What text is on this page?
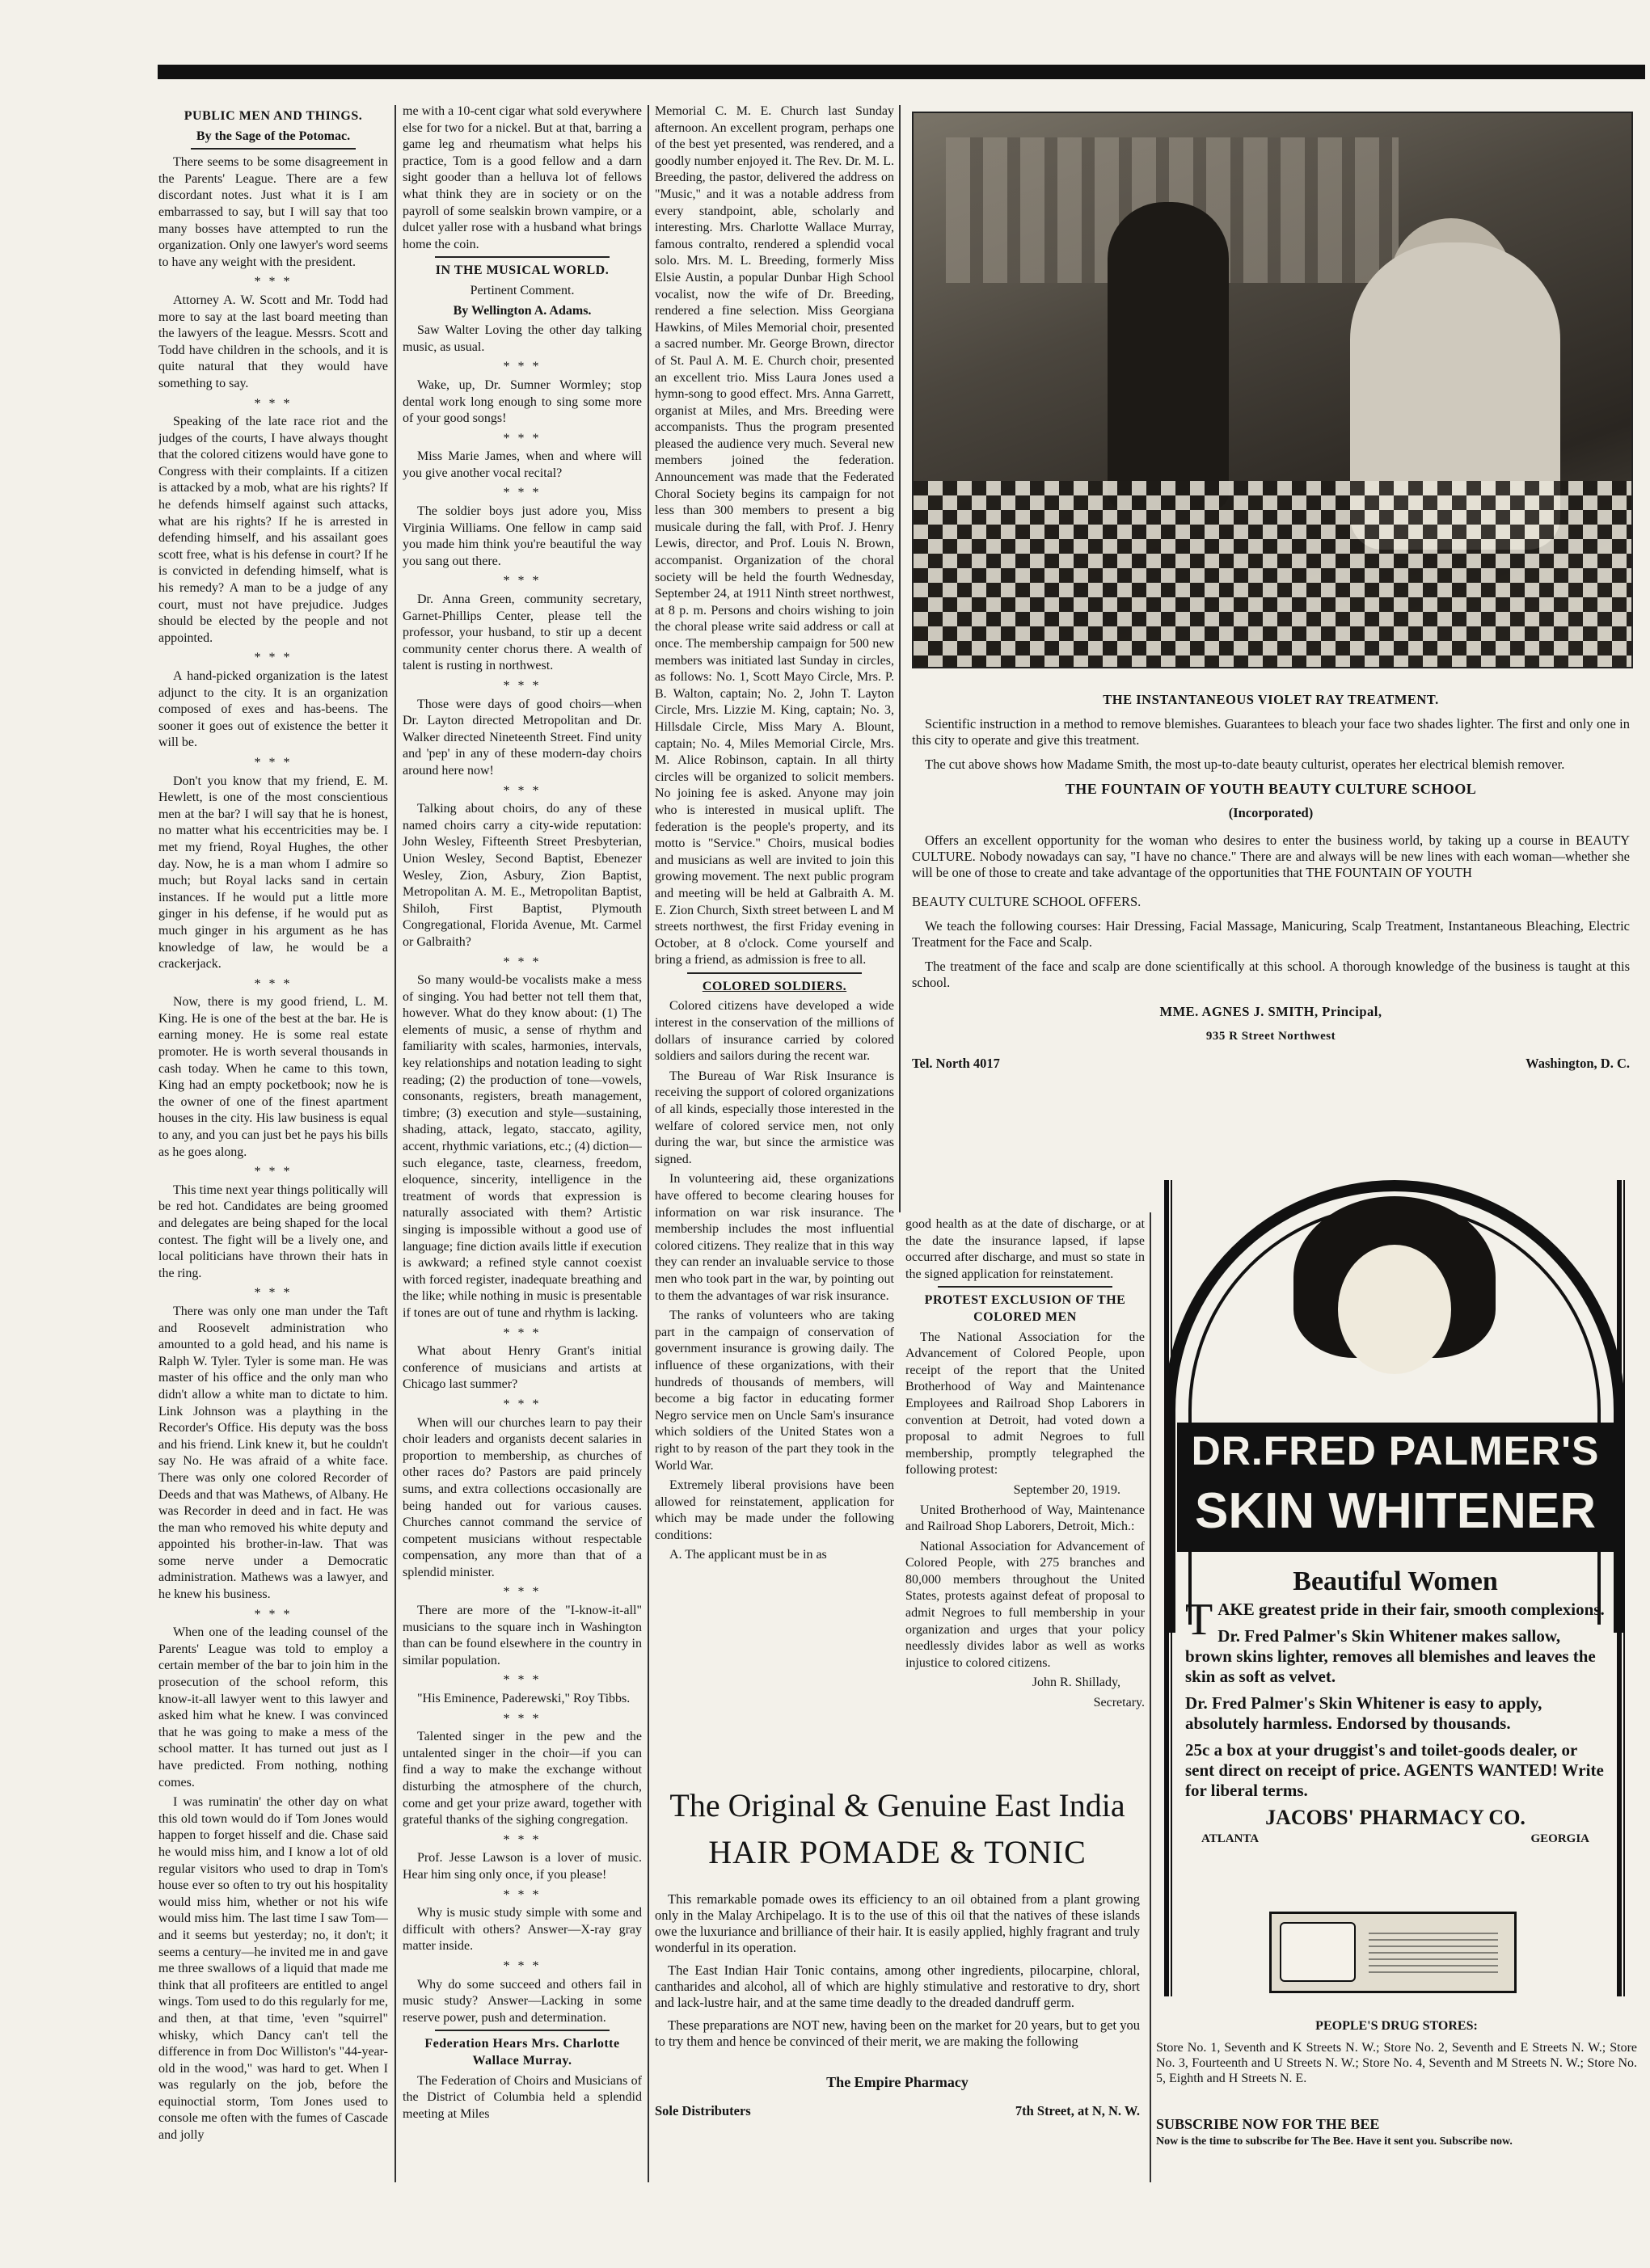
PUBLIC MEN AND THINGS.

By the Sage of the Potomac.

There seems to be some disagreement in the Parents' League. There are a few discordant notes. Just what it is I am embarrassed to say, but I will say that too many bosses have attempted to run the organization. Only one lawyer's word seems to have any weight with the president.

* * *

Attorney A. W. Scott and Mr. Todd had more to say at the last board meeting than the lawyers of the league. Messrs. Scott and Todd have children in the schools, and it is quite natural that they would have something to say.

* * *

Speaking of the late race riot and the judges of the courts, I have always thought that the colored citizens would have gone to Congress with their complaints. If a citizen is attacked by a mob, what are his rights? If he defends himself against such attacks, what are his rights? If he is arrested in defending himself, and his assailant goes scott free, what is his defense in court? If he is convicted in defending himself, what is his remedy? A man to be a judge of any court, must not have prejudice. Judges should be elected by the people and not appointed.

* * *

A hand-picked organization is the latest adjunct to the city. It is an organization composed of exes and has-beens. The sooner it goes out of existence the better it will be.

* * *

Don't you know that my friend, E. M. Hewlett, is one of the most conscientious men at the bar? I will say that he is honest, no matter what his eccentricities may be. I met my friend, Royal Hughes, the other day. Now, he is a man whom I admire so much; but Royal lacks sand in certain instances. If he would put a little more ginger in his defense, if he would put as much ginger in his argument as he has knowledge of law, he would be a crackerjack.

* * *

Now, there is my good friend, L. M. King. He is one of the best at the bar. He is earning money. He is some real estate promoter. He is worth several thousands in cash today. When he came to this town, King had an empty pocketbook; now he is the owner of one of the finest apartment houses in the city. His law business is equal to any, and you can just bet he pays his bills as he goes along.

* * *

This time next year things politically will be red hot. Candidates are being groomed and delegates are being shaped for the local contest. The fight will be a lively one, and local politicians have thrown their hats in the ring.

* * *

There was only one man under the Taft and Roosevelt administration who amounted to a gold head, and his name is Ralph W. Tyler. Tyler is some man. He was master of his office and the only man who didn't allow a white man to dictate to him. Link Johnson was a plaything in the Recorder's Office. His deputy was the boss and his friend. Link knew it, but he couldn't say No. He was afraid of a white face. There was only one colored Recorder of Deeds and that was Mathews, of Albany. He was Recorder in deed and in fact. He was the man who removed his white deputy and appointed his brother-in-law. That was some nerve under a Democratic administration. Mathews was a lawyer, and he knew his business.

* * *

When one of the leading counsel of the Parents' League was told to employ a certain member of the bar to join him in the prosecution of the school reform, this know-it-all lawyer went to this lawyer and asked him what he knew. I was convinced that he was going to make a mess of the school matter. It has turned out just as I have predicted. From nothing, nothing comes.

I was ruminatin' the other day on what this old town would do if Tom Jones would happen to forget hisself and die. Chase said he would miss him, and I know a lot of old regular visitors who used to drap in Tom's house ever so often to try out his hospitality would miss him, whether or not his wife would miss him. The last time I saw Tom—and it seems but yesterday; no, it don't; it seems a century—he invited me in and gave me three swallows of a liquid that made me think that all profiteers are entitled to angel wings. Tom used to do this regularly for me, and then, at that time, 'even "squirrel" whisky, which Dancy can't tell the difference in from Doc Williston's "44-year-old in the wood," was hard to get. When I was regularly on the job, before the equinoctial storm, Tom Jones used to console me often with the fumes of Cascade and jolly

me with a 10-cent cigar what sold everywhere else for two for a nickel. But at that, barring a game leg and rheumatism what helps his practice, Tom is a good fellow and a darn sight gooder than a helluva lot of fellows what think they are in society or on the payroll of some sealskin brown vampire, or a dulcet yaller rose with a husband what brings home the coin.

IN THE MUSICAL WORLD.

Pertinent Comment.

By Wellington A. Adams.

Saw Walter Loving the other day talking music, as usual.

* * *

Wake, up, Dr. Sumner Wormley; stop dental work long enough to sing some more of your good songs!

* * *

Miss Marie James, when and where will you give another vocal recital?

* * *

The soldier boys just adore you, Miss Virginia Williams. One fellow in camp said you made him think you're beautiful the way you sang out there.

* * *

Dr. Anna Green, community secretary, Garnet-Phillips Center, please tell the professor, your husband, to stir up a decent community center chorus there. A wealth of talent is rusting in northwest.

* * *

Those were days of good choirs—when Dr. Layton directed Metropolitan and Dr. Walker directed Nineteenth Street. Find unity and 'pep' in any of these modern-day choirs around here now!

* * *

Talking about choirs, do any of these named choirs carry a city-wide reputation: John Wesley, Fifteenth Street Presbyterian, Union Wesley, Second Baptist, Ebenezer Wesley, Zion, Asbury, Zion Baptist, Metropolitan A. M. E., Metropolitan Baptist, Shiloh, First Baptist, Plymouth Congregational, Florida Avenue, Mt. Carmel or Galbraith?

* * *

So many would-be vocalists make a mess of singing. You had better not tell them that, however. What do they know about: (1) The elements of music, a sense of rhythm and familiarity with scales, harmonies, intervals, key relationships and notation leading to sight reading; (2) the production of tone—vowels, consonants, registers, breath management, timbre; (3) execution and style—sustaining, shading, attack, legato, staccato, agility, accent, rhythmic variations, etc.; (4) diction—such elegance, taste, clearness, freedom, eloquence, sincerity, intelligence in the treatment of words that expression is naturally associated with them? Artistic singing is impossible without a good use of language; fine diction avails little if execution is awkward; a refined style cannot coexist with forced register, inadequate breathing and the like; while nothing in music is presentable if tones are out of tune and rhythm is lacking.

* * *

What about Henry Grant's initial conference of musicians and artists at Chicago last summer?

* * *

When will our churches learn to pay their choir leaders and organists decent salaries in proportion to membership, as churches of other races do? Pastors are paid princely sums, and extra collections occasionally are being handed out for various causes. Churches cannot command the service of competent musicians without respectable compensation, any more than that of a splendid minister.

* * *

There are more of the "I-know-it-all" musicians to the square inch in Washington than can be found elsewhere in the country in similar population.

* * *

"His Eminence, Paderewski," Roy Tibbs.

* * *

Talented singer in the pew and the untalented singer in the choir—if you can find a way to make the exchange without disturbing the atmosphere of the church, come and get your prize award, together with grateful thanks of the sighing congregation.

* * *

Prof. Jesse Lawson is a lover of music. Hear him sing only once, if you please!

* * *

Why is music study simple with some and difficult with others? Answer—X-ray gray matter inside.

* * *

Why do some succeed and others fail in music study? Answer—Lacking in some reserve power, push and determination.

Federation Hears Mrs. Charlotte Wallace Murray.

The Federation of Choirs and Musicians of the District of Columbia held a splendid meeting at Miles

Memorial C. M. E. Church last Sunday afternoon. An excellent program, perhaps one of the best yet presented, was rendered, and a goodly number enjoyed it. The Rev. Dr. M. L. Breeding, the pastor, delivered the address on "Music," and it was a notable address from every standpoint, able, scholarly and interesting. Mrs. Charlotte Wallace Murray, famous contralto, rendered a splendid vocal solo. Mrs. M. L. Breeding, formerly Miss Elsie Austin, a popular Dunbar High School vocalist, now the wife of Dr. Breeding, rendered a fine selection. Miss Georgiana Hawkins, of Miles Memorial choir, presented a sacred number. Mr. George Brown, director of St. Paul A. M. E. Church choir, presented an excellent trio. Miss Laura Jones used a hymn-song to good effect. Mrs. Anna Garrett, organist at Miles, and Mrs. Breeding were accompanists. Thus the program presented pleased the audience very much. Several new members joined the federation. Announcement was made that the Federated Choral Society begins its campaign for not less than 300 members to present a big musicale during the fall, with Prof. J. Henry Lewis, director, and Prof. Louis N. Brown, accompanist. Organization of the choral society will be held the fourth Wednesday, September 24, at 1911 Ninth street northwest, at 8 p. m. Persons and choirs wishing to join the choral please write said address or call at once. The membership campaign for 500 new members was initiated last Sunday in circles, as follows: No. 1, Scott Mayo Circle, Mrs. P. B. Walton, captain; No. 2, John T. Layton Circle, Mrs. Lizzie M. King, captain; No. 3, Hillsdale Circle, Miss Mary A. Blount, captain; No. 4, Miles Memorial Circle, Mrs. M. Alice Robinson, captain. In all thirty circles will be organized to solicit members. No joining fee is asked. Anyone may join who is interested in musical uplift. The federation is the people's property, and its motto is "Service." Choirs, musical bodies and musicians as well are invited to join this growing movement. The next public program and meeting will be held at Galbraith A. M. E. Zion Church, Sixth street between L and M streets northwest, the first Friday evening in October, at 8 o'clock. Come yourself and bring a friend, as admission is free to all.

COLORED SOLDIERS.

Colored citizens have developed a wide interest in the conservation of the millions of dollars of insurance carried by colored soldiers and sailors during the recent war.

The Bureau of War Risk Insurance is receiving the support of colored organizations of all kinds, especially those interested in the welfare of colored service men, not only during the war, but since the armistice was signed.

In volunteering aid, these organizations have offered to become clearing houses for information on war risk insurance. The membership includes the most influential colored citizens. They realize that in this way they can render an invaluable service to those men who took part in the war, by pointing out to them the advantages of war risk insurance.

The ranks of volunteers who are taking part in the campaign of conservation of government insurance is growing daily. The influence of these organizations, with their hundreds of thousands of members, will become a big factor in educating former Negro service men on Uncle Sam's insurance which soldiers of the United States won a right to by reason of the part they took in the World War.

Extremely liberal provisions have been allowed for reinstatement, application for which may be made under the following conditions:

A. The applicant must be in as

THE INSTANTANEOUS VIOLET RAY TREATMENT.

Scientific instruction in a method to remove blemishes. Guarantees to bleach your face two shades lighter. The first and only one in this city to operate and give this treatment.

The cut above shows how Madame Smith, the most up-to-date beauty culturist, operates her electrical blemish remover.

THE FOUNTAIN OF YOUTH BEAUTY CULTURE SCHOOL
(Incorporated)

Offers an excellent opportunity for the woman who desires to enter the business world, by taking up a course in BEAUTY CULTURE. Nobody nowadays can say, "I have no chance." There are and always will be new lines with each woman—whether she will be one of those to create and take advantage of the opportunities that THE FOUNTAIN OF YOUTH

BEAUTY CULTURE SCHOOL OFFERS.

We teach the following courses: Hair Dressing, Facial Massage, Manicuring, Scalp Treatment, Instantaneous Bleaching, Electric Treatment for the Face and Scalp.

The treatment of the face and scalp are done scientifically at this school. A thorough knowledge of the business is taught at this school.

MME. AGNES J. SMITH, Principal,
935 R Street Northwest
Tel. North 4017	Washington, D. C.

good health as at the date of discharge, or at the date the insurance lapsed, if lapse occurred after discharge, and must so state in the signed application for reinstatement.

PROTEST EXCLUSION OF THE COLORED MEN

The National Association for the Advancement of Colored People, upon receipt of the report that the United Brotherhood of Way and Maintenance Employees and Railroad Shop Laborers in convention at Detroit, had voted down a proposal to admit Negroes to full membership, promptly telegraphed the following protest:

September 20, 1919.

United Brotherhood of Way, Maintenance and Railroad Shop Laborers, Detroit, Mich.:

National Association for Advancement of Colored People, with 275 branches and 80,000 members throughout the United States, protests against defeat of proposal to admit Negroes to full membership in your organization and urges that your policy needlessly divides labor as well as works injustice to colored citizens.

John R. Shillady,

Secretary.

The Original & Genuine East India
HAIR POMADE & TONIC

This remarkable pomade owes its efficiency to an oil obtained from a plant growing only in the Malay Archipelago. It is to the use of this oil that the natives of these islands owe the luxuriance and brilliance of their hair. It is easily applied, highly fragrant and truly wonderful in its operation.

The East Indian Hair Tonic contains, among other ingredients, pilocarpine, chloral, cantharides and alcohol, all of which are highly stimulative and restorative to dry, short and lack-lustre hair, and at the same time deadly to the dreaded dandruff germ.

These preparations are NOT new, having been on the market for 20 years, but to get you to try them and hence be convinced of their merit, we are making the following

The Empire Pharmacy
Sole Distributers	7th Street, at N, N. W.
DR.FRED PALMER'S
SKIN WHITENER
Beautiful Women

TAKE greatest pride in their fair, smooth complexions.

Dr. Fred Palmer's Skin Whitener makes sallow, brown skins lighter, removes all blemishes and leaves the skin as soft as velvet.

Dr. Fred Palmer's Skin Whitener is easy to apply, absolutely harmless. Endorsed by thousands.

25c a box at your druggist's and toilet-goods dealer, or sent direct on receipt of price. AGENTS WANTED! Write for liberal terms.

JACOBS' PHARMACY CO.
ATLANTA	GEORGIA
PEOPLE'S DRUG STORES:

Store No. 1, Seventh and K Streets N. W.; Store No. 2, Seventh and E Streets N. W.; Store No. 3, Fourteenth and U Streets N. W.; Store No. 4, Seventh and M Streets N. W.; Store No. 5, Eighth and H Streets N. E.

SUBSCRIBE NOW FOR THE BEE

Now is the time to subscribe for The Bee. Have it sent you. Subscribe now.
